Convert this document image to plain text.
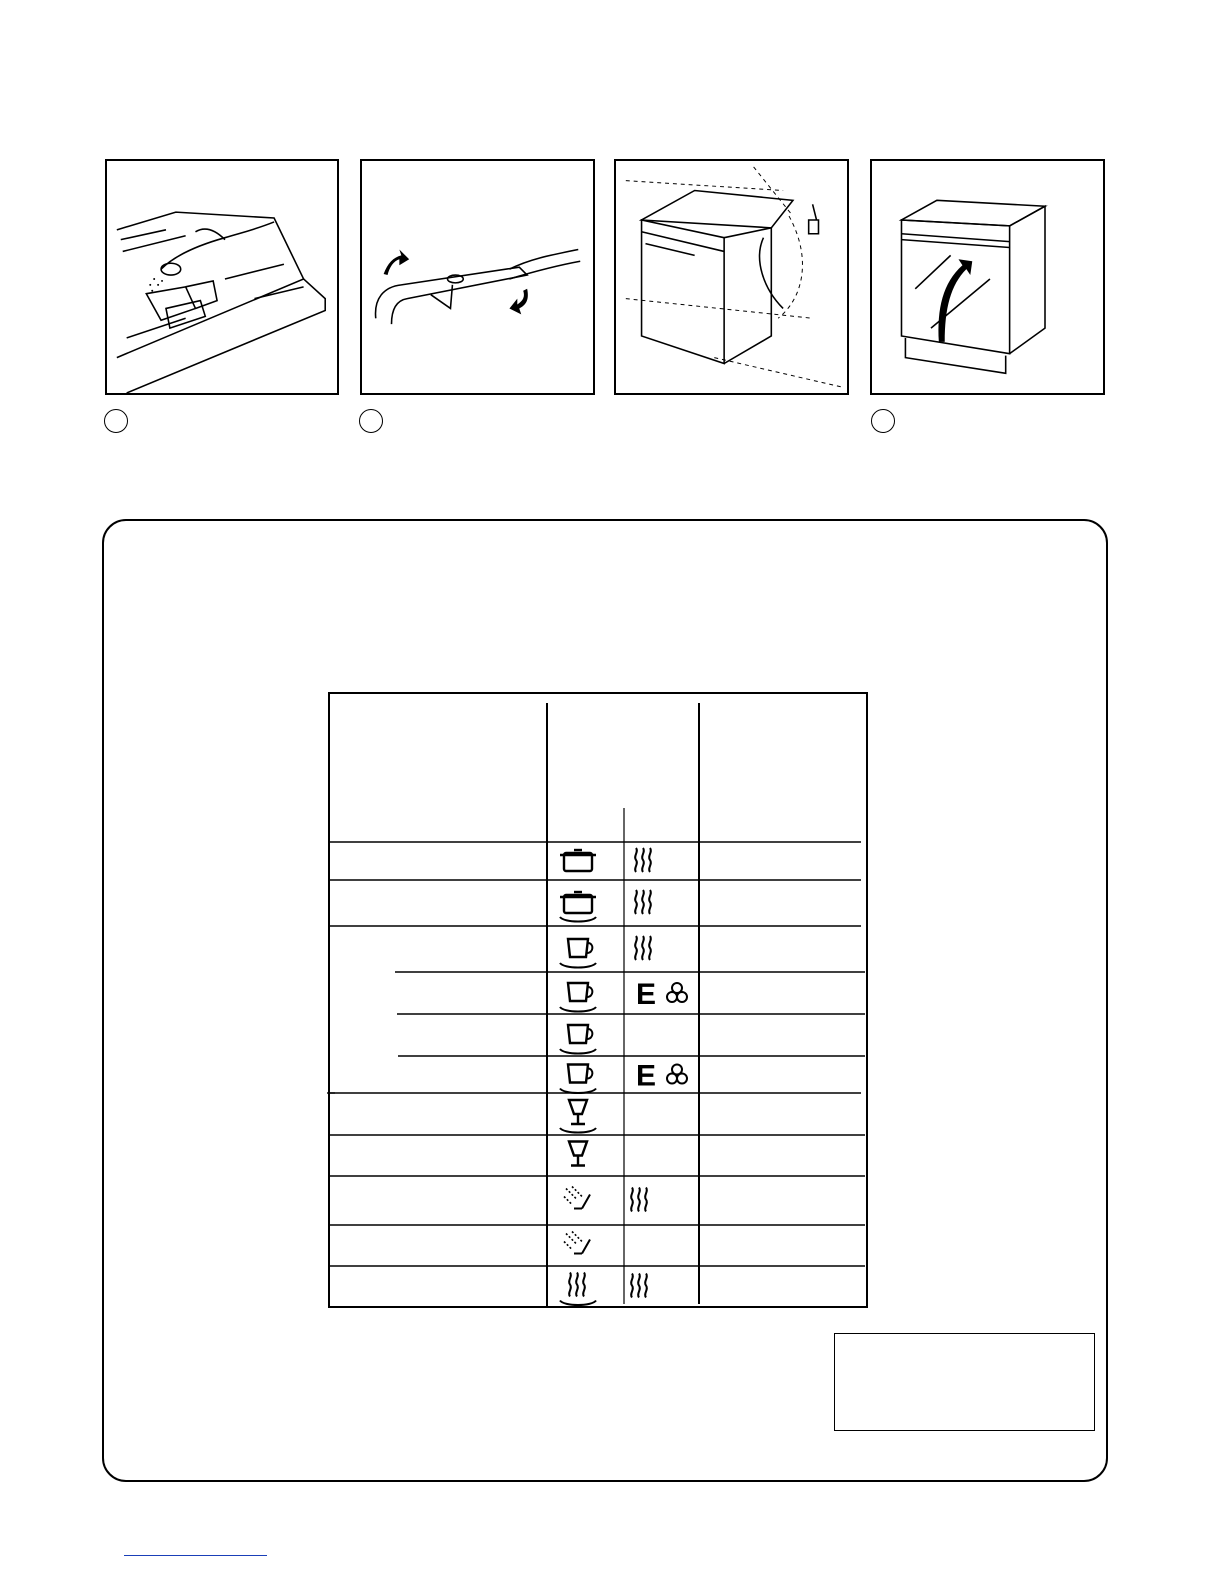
E
E
